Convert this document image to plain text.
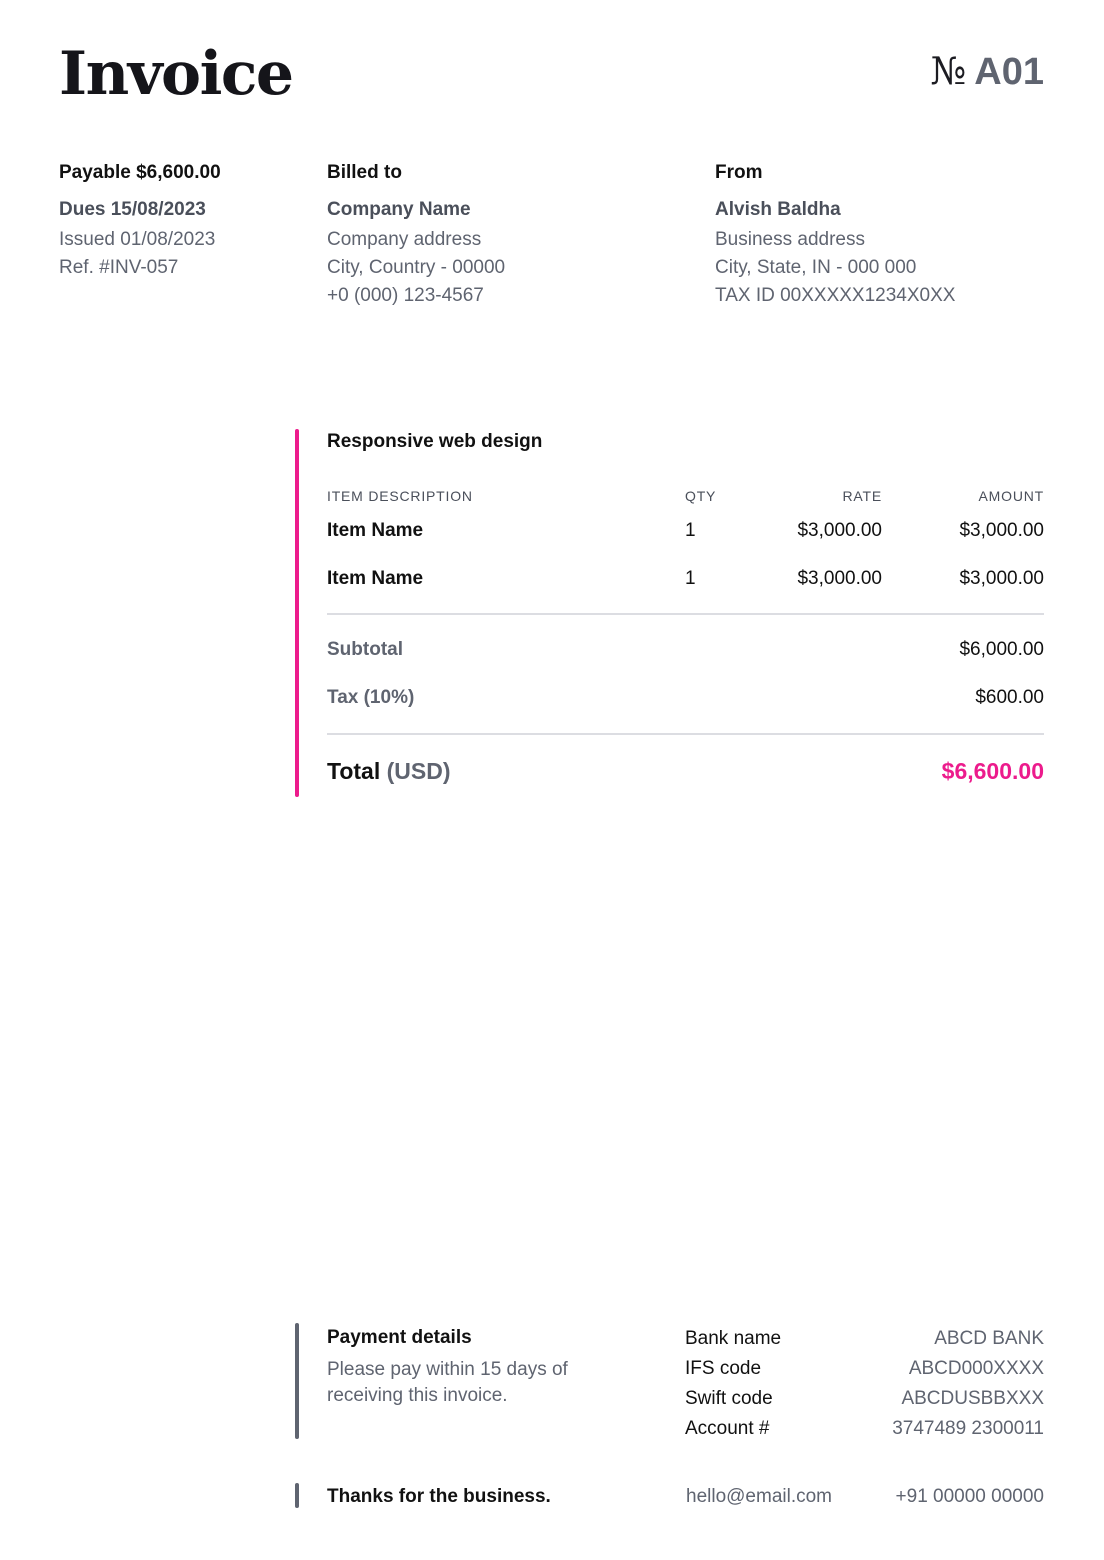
Invoice	№ A01
Payable $6,600.00
Dues 15/08/2023
Issued 01/08/2023
Ref. #INV-057
Billed to
Company Name
Company address
City, Country - 00000
+0 (000) 123-4567
From
Alvish Baldha
Business address
City, State, IN - 000 000
TAX ID 00XXXXX1234X0XX
Responsive web design
ITEM DESCRIPTION	QTY	RATE	AMOUNT
Item Name	1	$3,000.00	$3,000.00
Item Name	1	$3,000.00	$3,000.00
Subtotal	$6,000.00
Tax (10%)	$600.00
Total (USD)	$6,600.00
Payment details
Please pay within 15 days of receiving this invoice.
Bank name	ABCD BANK
IFS code	ABCD000XXXX
Swift code	ABCDUSBBXXX
Account #	3747489 2300011
Thanks for the business.	hello@email.com	+91 00000 00000
